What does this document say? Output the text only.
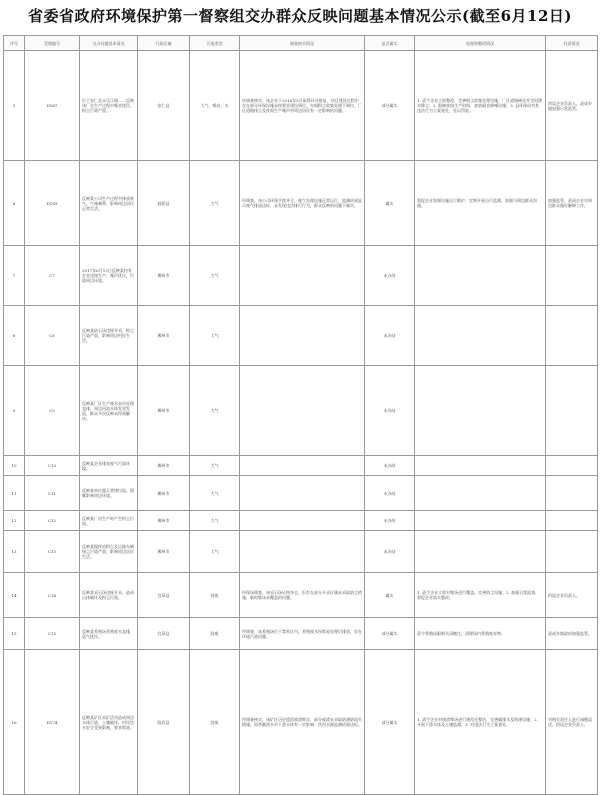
省委省政府环境保护第一督察组交办群众反映问题基本情况公示(截至6月12日)
序号	受理编号	交办问题基本情况	行政区域	污染类型	调查核实情况	是否属实	处理和整改情况	问责情况
5	D167	位于安仁县永乐江镇……反映该厂在生产过程中噪音扰民、粉尘污染严重。	安仁县	大气、噪音、水	经调查核实，该企业于2016年5月取得环评批复，项目建设过程中存在部分环保设施未按要求建设到位、车间粉尘收集处理不到位、厂区道路扬尘及夜间生产噪声对周边居民有一定影响的问题。	部分属实	1. 责令企业立即整改，完善粉尘收集处理设施，厂区道路硬化并定时洒水降尘；2. 限制夜间生产时间，加装隔音降噪设施；3. 县环保局对其违法行为立案查处，处以罚款。	约谈企业负责人，责成乡镇加强日常监管。
6	D169	反映某公司生产过程中排放废气，气味刺鼻，影响周边居民正常生活。	桂阳县	大气	经调查，该公司环保手续齐全，废气处理设施正常运行，监测结果显示废气排放达标，未发现违法排污行为，群众反映的问题不属实。	属实	督促企业加强设施运行维护，定期开展自行监测，加强与周边群众沟通。	加强监管，责成企业对周边群众做好解释工作。
7	C7	2017年6月13日反映某村有企业违规生产，噪声扰民，污染周边环境。	郴州市	大气		未办结		
8	C8	反映某砂石场违规开采，粉尘污染严重，影响周边村民生活。	郴州市	大气		未办结		
9	C9	反映某厂区生产废水未经处理直排，周边河流水体发黑发臭，群众多次反映未得到解决。	郴州市	大气		未办结		
10	C10	反映某企业排放废气污染环境。	郴州市	大气		未办结		
11	C11	反映某单位露天焚烧垃圾，烟雾影响周边环境。	郴州市	大气		未办结		
12	C12	反映某厂房生产时产生粉尘污染。	郴州市	大气		未办结		
13	C13	反映某搅拌站粉尘及运输车辆扬尘污染严重，影响周边居民生活。	郴州市	大气		未办结		
14	C14	反映某采石场违规开采，造成山体破坏及粉尘污染。	宜章县	固废	经现场调查，该采石场证照齐全，但存在部分开采区域未采取防尘措施、临时堆场未覆盖的问题。	属实	1. 责令企业立即对堆场进行覆盖，完善防尘设施；2. 加强日常巡查，督促企业落实整改。	约谈企业负责人。
15	C15	反映某养殖场养殖废水直排，臭气扰民。	宜章县	固废	经调查，该养殖场位于禁养区内，养殖废水经简易处理后排放，存在环境污染问题。	部分属实	责令养殖场限期关闭搬迁，清理场内养殖废弃物。	责成乡镇政府加强监管。
16	D174	反映某矿区采矿活动造成周边水体污染、土壤破坏，村民饮水安全受到影响，要求彻查。	临武县	固废	经调查核实，该矿区历史遗留废渣堆存，部分废渣未采取防渗防流失措施，雨季淋溶水对下游水体有一定影响；饮用水源监测结果达标。	部分属实	1. 责令企业对废渣堆场进行规范化整治，完善截排水及防渗设施；2. 开展下游水体及土壤监测；3. 对违法行为立案查处。	对相关责任人进行诫勉谈话，约谈企业负责人。
